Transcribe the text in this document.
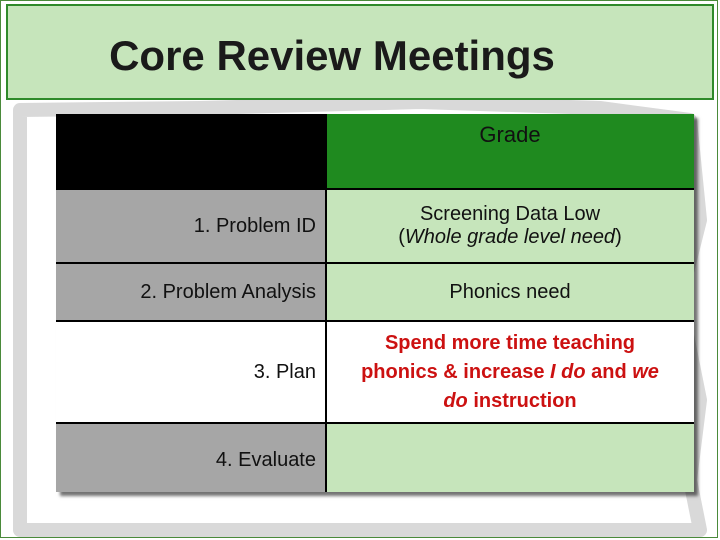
Core Review Meetings
Grade
1. Problem ID
Screening Data Low
(Whole grade level need)
2. Problem Analysis	Phonics need
3. Plan
Spend more time teaching
phonics & increase I do and we
do instruction
4. Evaluate
